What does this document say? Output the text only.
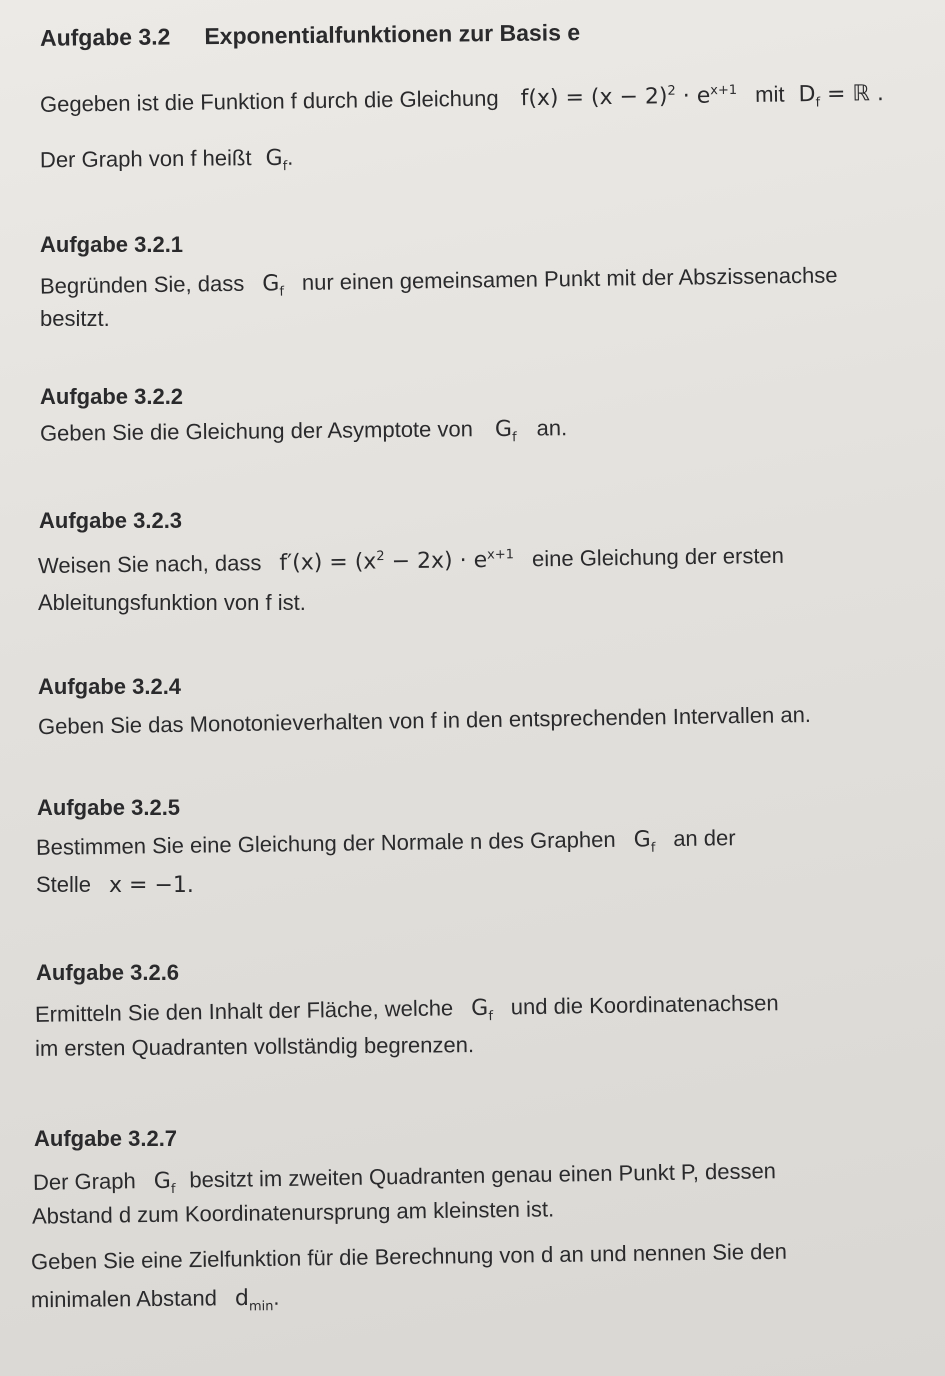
Aufgabe 3.2 Exponentialfunktionen zur Basis e
Gegeben ist die Funktion f durch die Gleichung $f(x) = (x - 2)^2 \cdot e^{x+1}$ mit $D_f$ = ℝ .
Der Graph von f heißt $G_f$.
Aufgabe 3.2.1
Begründen Sie, dass $G_f$ nur einen gemeinsamen Punkt mit der Abszissenachse
besitzt.
Aufgabe 3.2.2
Geben Sie die Gleichung der Asymptote von $G_f$ an.
Aufgabe 3.2.3
Weisen Sie nach, dass $f'(x) = (x^2 - 2x) \cdot e^{x+1}$ eine Gleichung der ersten
Ableitungsfunktion von f ist.
Aufgabe 3.2.4
Geben Sie das Monotonieverhalten von f in den entsprechenden Intervallen an.
Aufgabe 3.2.5
Bestimmen Sie eine Gleichung der Normale n des Graphen $G_f$ an der
Stelle x = −1.
Aufgabe 3.2.6
Ermitteln Sie den Inhalt der Fläche, welche $G_f$ und die Koordinatenachsen
im ersten Quadranten vollständig begrenzen.
Aufgabe 3.2.7
Der Graph $G_f$ besitzt im zweiten Quadranten genau einen Punkt P, dessen
Abstand d zum Koordinatenursprung am kleinsten ist.
Geben Sie eine Zielfunktion für die Berechnung von d an und nennen Sie den
minimalen Abstand $d_{min}$.
